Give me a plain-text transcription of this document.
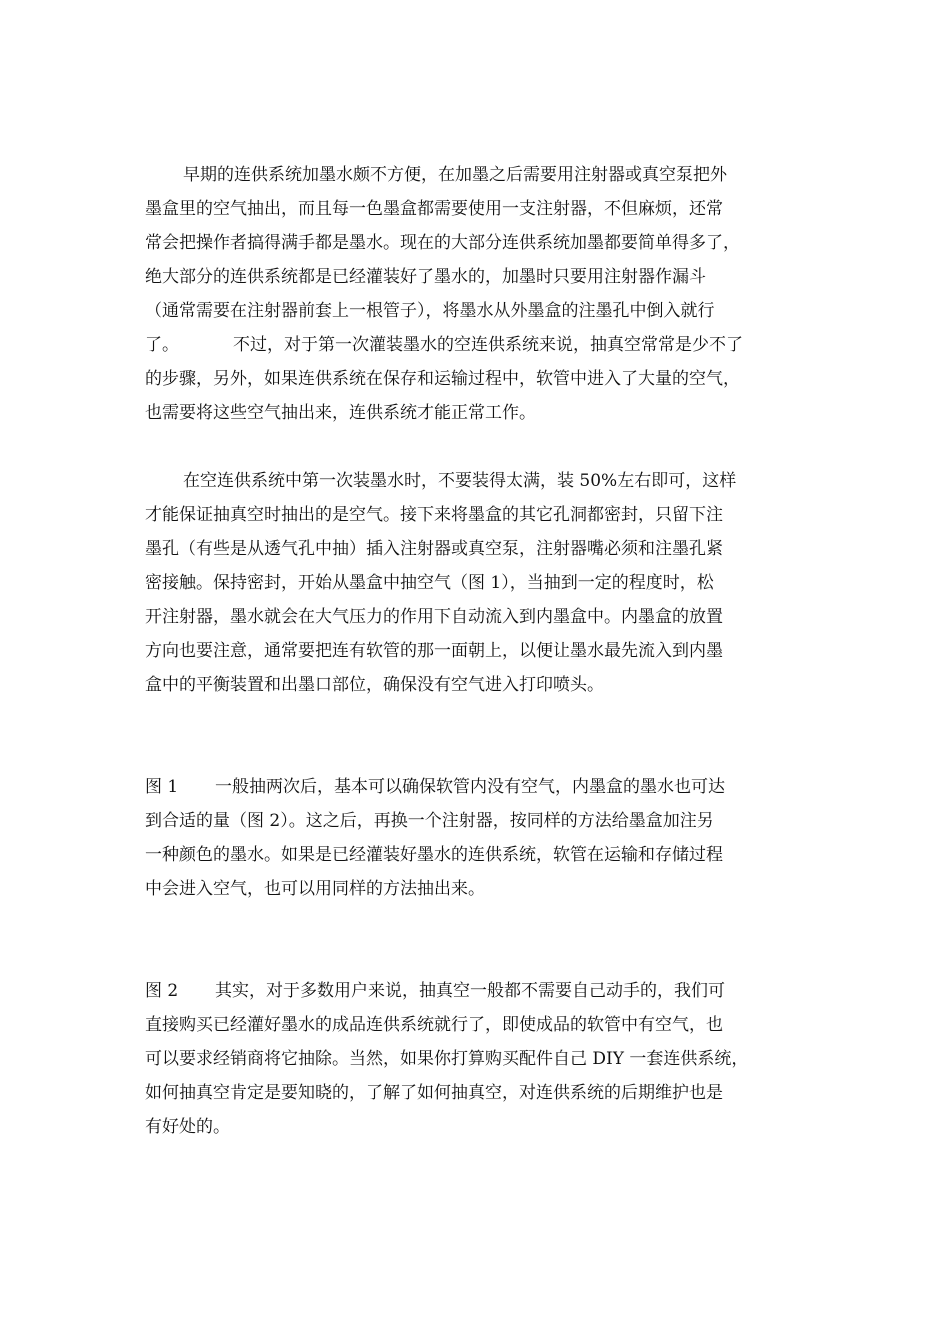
早期的连供系统加墨水颇不方便，在加墨之后需要用注射器或真空泵把外
墨盒里的空气抽出，而且每一色墨盒都需要使用一支注射器，不但麻烦，还常
常会把操作者搞得满手都是墨水。现在的大部分连供系统加墨都要简单得多了，
绝大部分的连供系统都是已经灌装好了墨水的，加墨时只要用注射器作漏斗
（通常需要在注射器前套上一根管子），将墨水从外墨盒的注墨孔中倒入就行
了。          不过，对于第一次灌装墨水的空连供系统来说，抽真空常常是少不了
的步骤，另外，如果连供系统在保存和运输过程中，软管中进入了大量的空气，
也需要将这些空气抽出来，连供系统才能正常工作。
在空连供系统中第一次装墨水时，不要装得太满，装 50%左右即可，这样
才能保证抽真空时抽出的是空气。接下来将墨盒的其它孔洞都密封，只留下注
墨孔（有些是从透气孔中抽）插入注射器或真空泵，注射器嘴必须和注墨孔紧
密接触。保持密封，开始从墨盒中抽空气（图 1），当抽到一定的程度时，松
开注射器，墨水就会在大气压力的作用下自动流入到内墨盒中。内墨盒的放置
方向也要注意，通常要把连有软管的那一面朝上，以便让墨水最先流入到内墨
盒中的平衡装置和出墨口部位，确保没有空气进入打印喷头。
图 1 一般抽两次后，基本可以确保软管内没有空气，内墨盒的墨水也可达
到合适的量（图 2）。这之后，再换一个注射器，按同样的方法给墨盒加注另
一种颜色的墨水。如果是已经灌装好墨水的连供系统，软管在运输和存储过程
中会进入空气，也可以用同样的方法抽出来。
图 2 其实，对于多数用户来说，抽真空一般都不需要自己动手的，我们可
直接购买已经灌好墨水的成品连供系统就行了，即使成品的软管中有空气，也
可以要求经销商将它抽除。当然，如果你打算购买配件自己 DIY 一套连供系统，
如何抽真空肯定是要知晓的，了解了如何抽真空，对连供系统的后期维护也是
有好处的。
